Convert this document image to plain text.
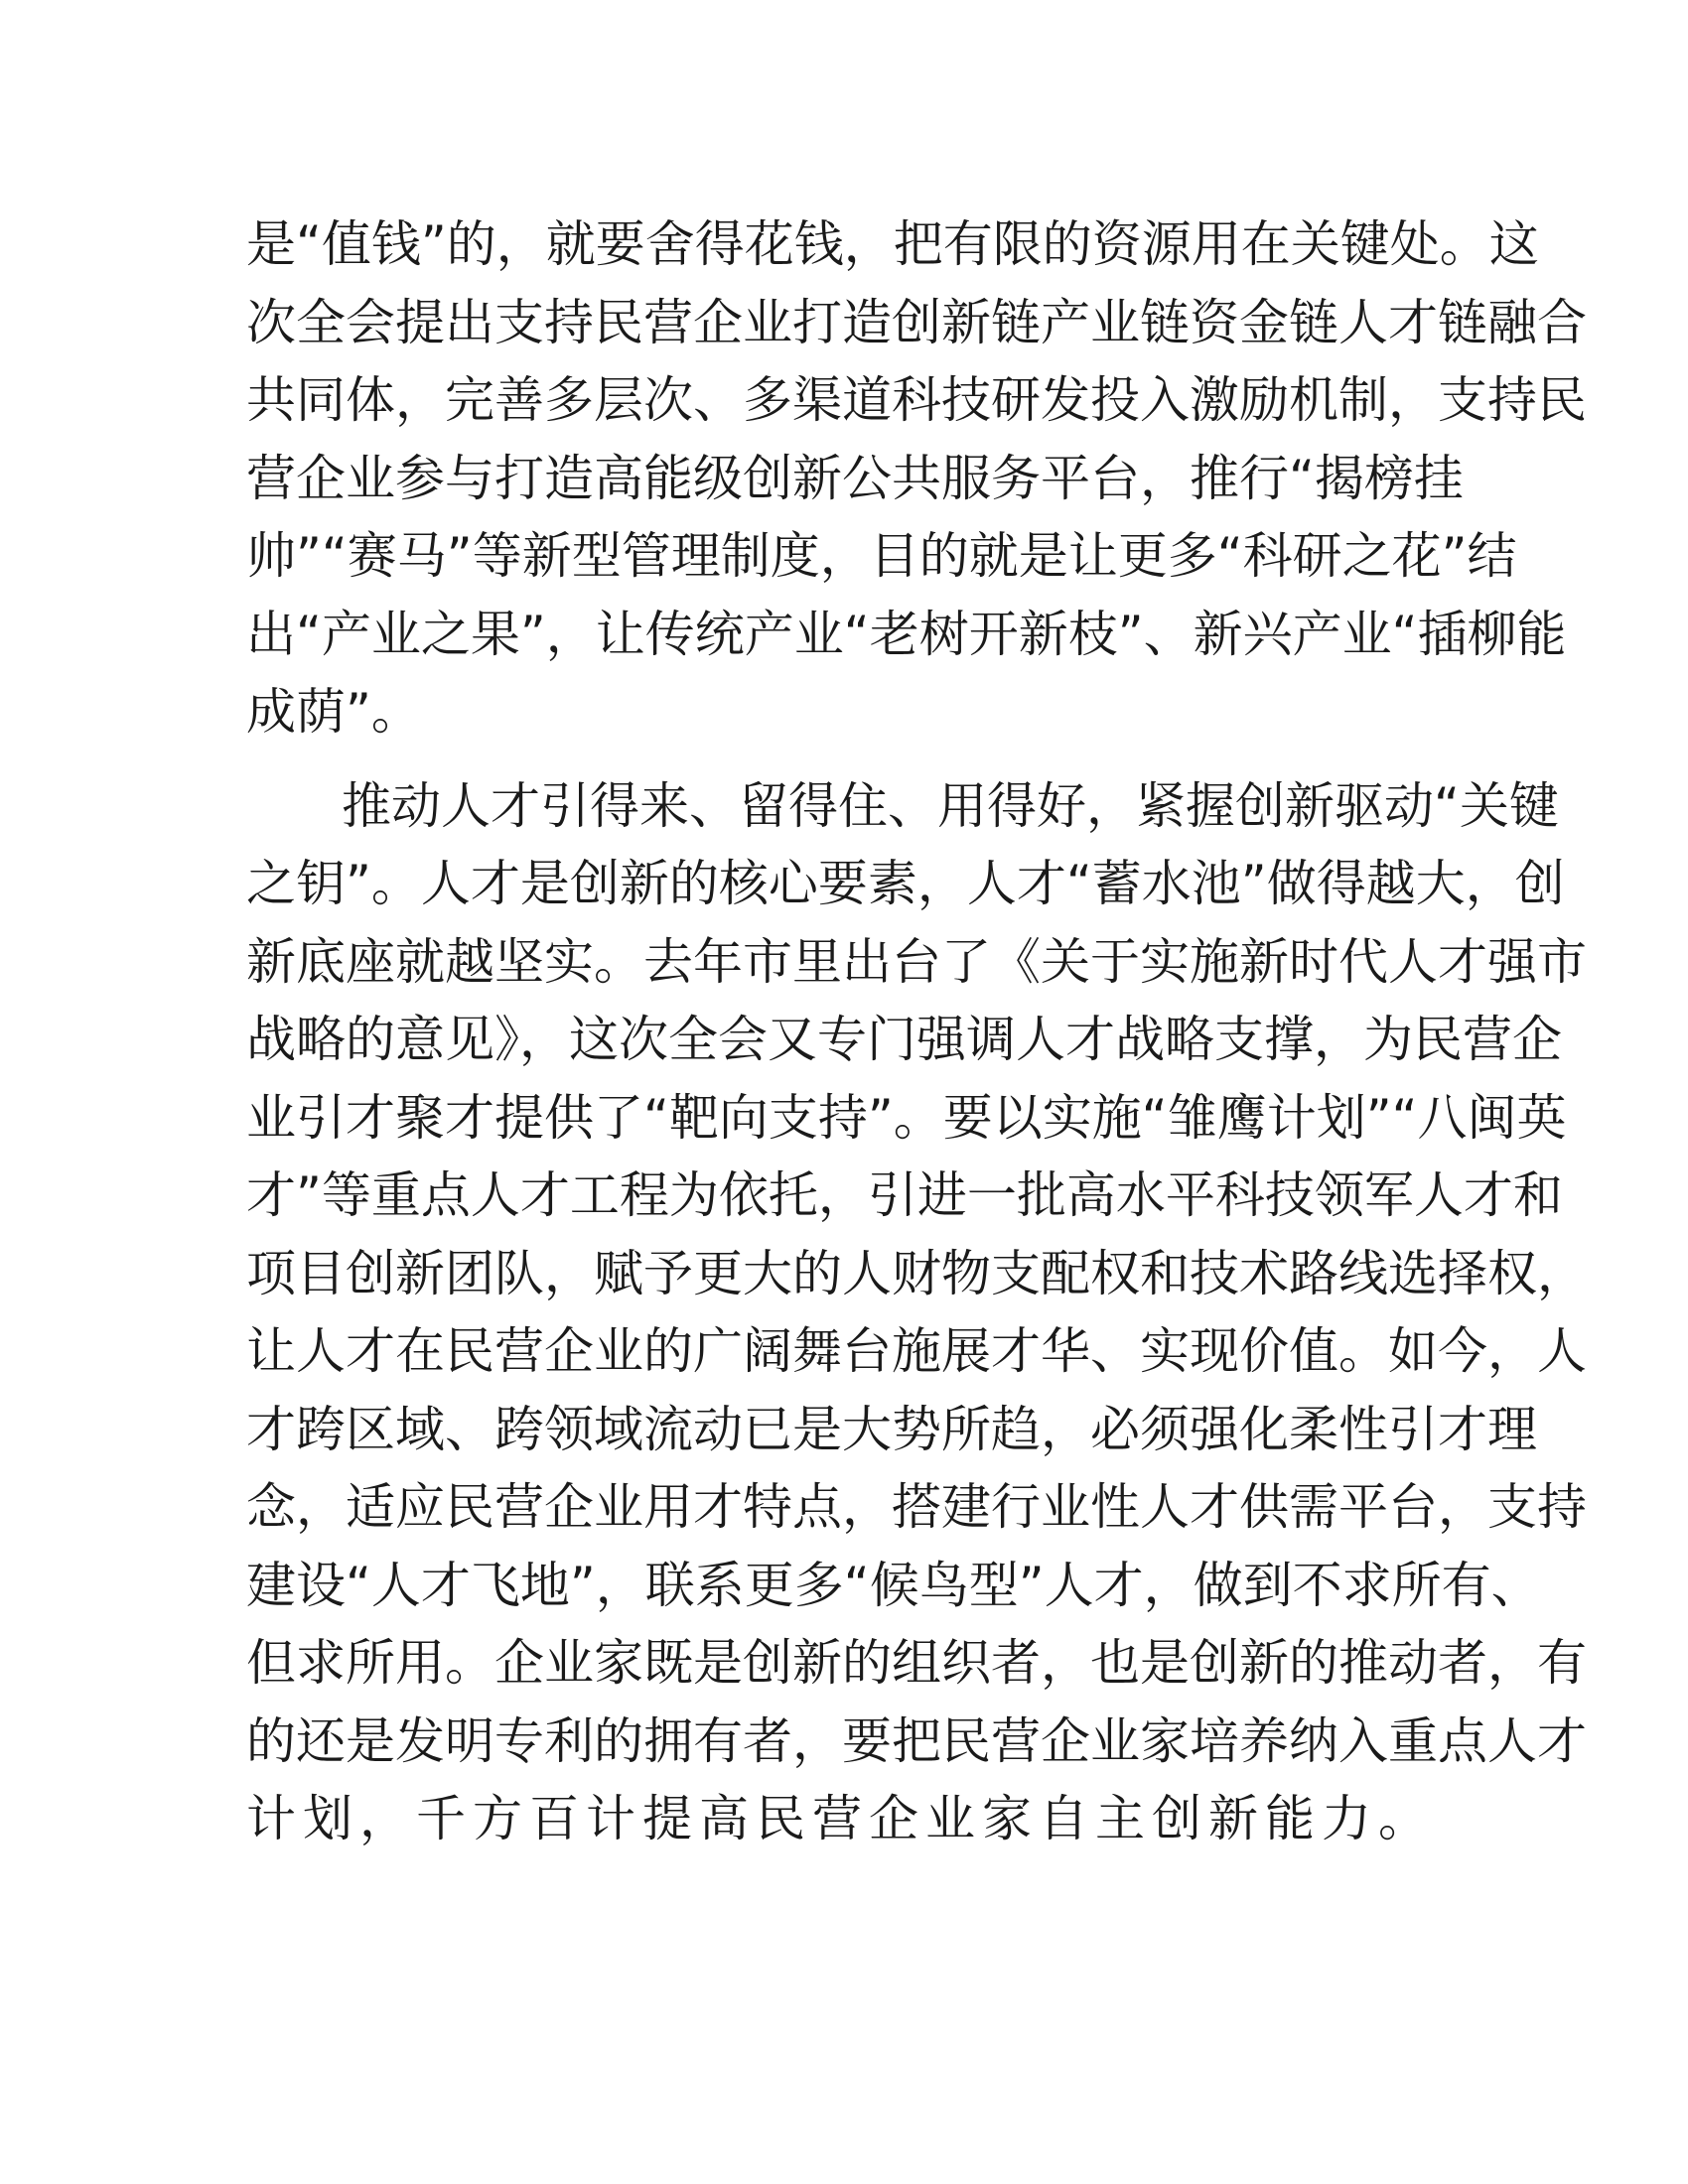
是“值钱”的，就要舍得花钱，把有限的资源用在关键处。这
次全会提出支持民营企业打造创新链产业链资金链人才链融合
共同体，完善多层次、多渠道科技研发投入激励机制，支持民
营企业参与打造高能级创新公共服务平台，推行“揭榜挂
帅”“赛马”等新型管理制度，目的就是让更多“科研之花”结
出“产业之果”，让传统产业“老树开新枝”、新兴产业“插柳能
成荫”。
推动人才引得来、留得住、用得好，紧握创新驱动“关键
之钥”。人才是创新的核心要素，人才“蓄水池”做得越大，创
新底座就越坚实。去年市里出台了《关于实施新时代人才强市
战略的意见》，这次全会又专门强调人才战略支撑，为民营企
业引才聚才提供了“靶向支持”。要以实施“雏鹰计划”“八闽英
才”等重点人才工程为依托，引进一批高水平科技领军人才和
项目创新团队，赋予更大的人财物支配权和技术路线选择权，
让人才在民营企业的广阔舞台施展才华、实现价值。如今，人
才跨区域、跨领域流动已是大势所趋，必须强化柔性引才理
念，适应民营企业用才特点，搭建行业性人才供需平台，支持
建设“人才飞地”，联系更多“候鸟型”人才，做到不求所有、
但求所用。企业家既是创新的组织者，也是创新的推动者，有
的还是发明专利的拥有者，要把民营企业家培养纳入重点人才
计划，千方百计提高民营企业家自主创新能力。
